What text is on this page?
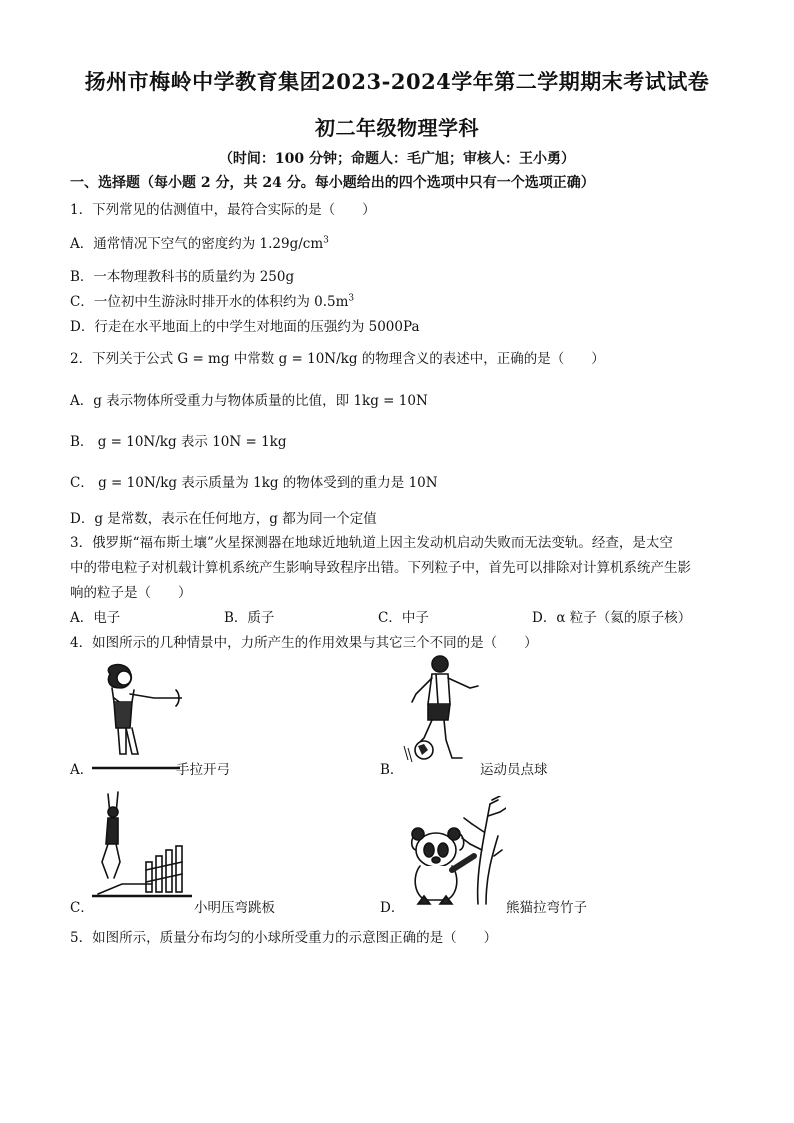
扬州市梅岭中学教育集团2023-2024学年第二学期期末考试试卷
初二年级物理学科
（时间：100 分钟；命题人：毛广旭；审核人：王小勇）
一、选择题（每小题 2 分，共 24 分。每小题给出的四个选项中只有一个选项正确）
1．下列常见的估测值中，最符合实际的是（　　）
A．通常情况下空气的密度约为 $1.29g/cm^3$
B．一本物理教科书的质量约为 250g
C．一位初中生游泳时排开水的体积约为 $0.5m^3$
D．行走在水平地面上的中学生对地面的压强约为 5000Pa
2．下列关于公式 G = mg 中常数 g = 10N/kg 的物理含义的表述中，正确的是（　　）
A．g 表示物体所受重力与物体质量的比值，即 1kg = 10N
B． g = 10N/kg 表示 10N = 1kg
C． g = 10N/kg 表示质量为 1kg 的物体受到的重力是 10N
D．g 是常数，表示在任何地方，g 都为同一个定值
3．俄罗斯“福布斯土壤”火星探测器在地球近地轨道上因主发动机启动失败而无法变轨。经查，是太空
中的带电粒子对机载计算机系统产生影响导致程序出错。下列粒子中，首先可以排除对计算机系统产生影
响的粒子是（　　）
A．电子	B．质子	C．中子	D．α 粒子（氦的原子核）
4．如图所示的几种情景中，力所产生的作用效果与其它三个不同的是（　　）
A．	手拉开弓	B．	运动员点球
C．	小明压弯跳板	D．	熊猫拉弯竹子
5．如图所示，质量分布均匀的小球所受重力的示意图正确的是（　　）
